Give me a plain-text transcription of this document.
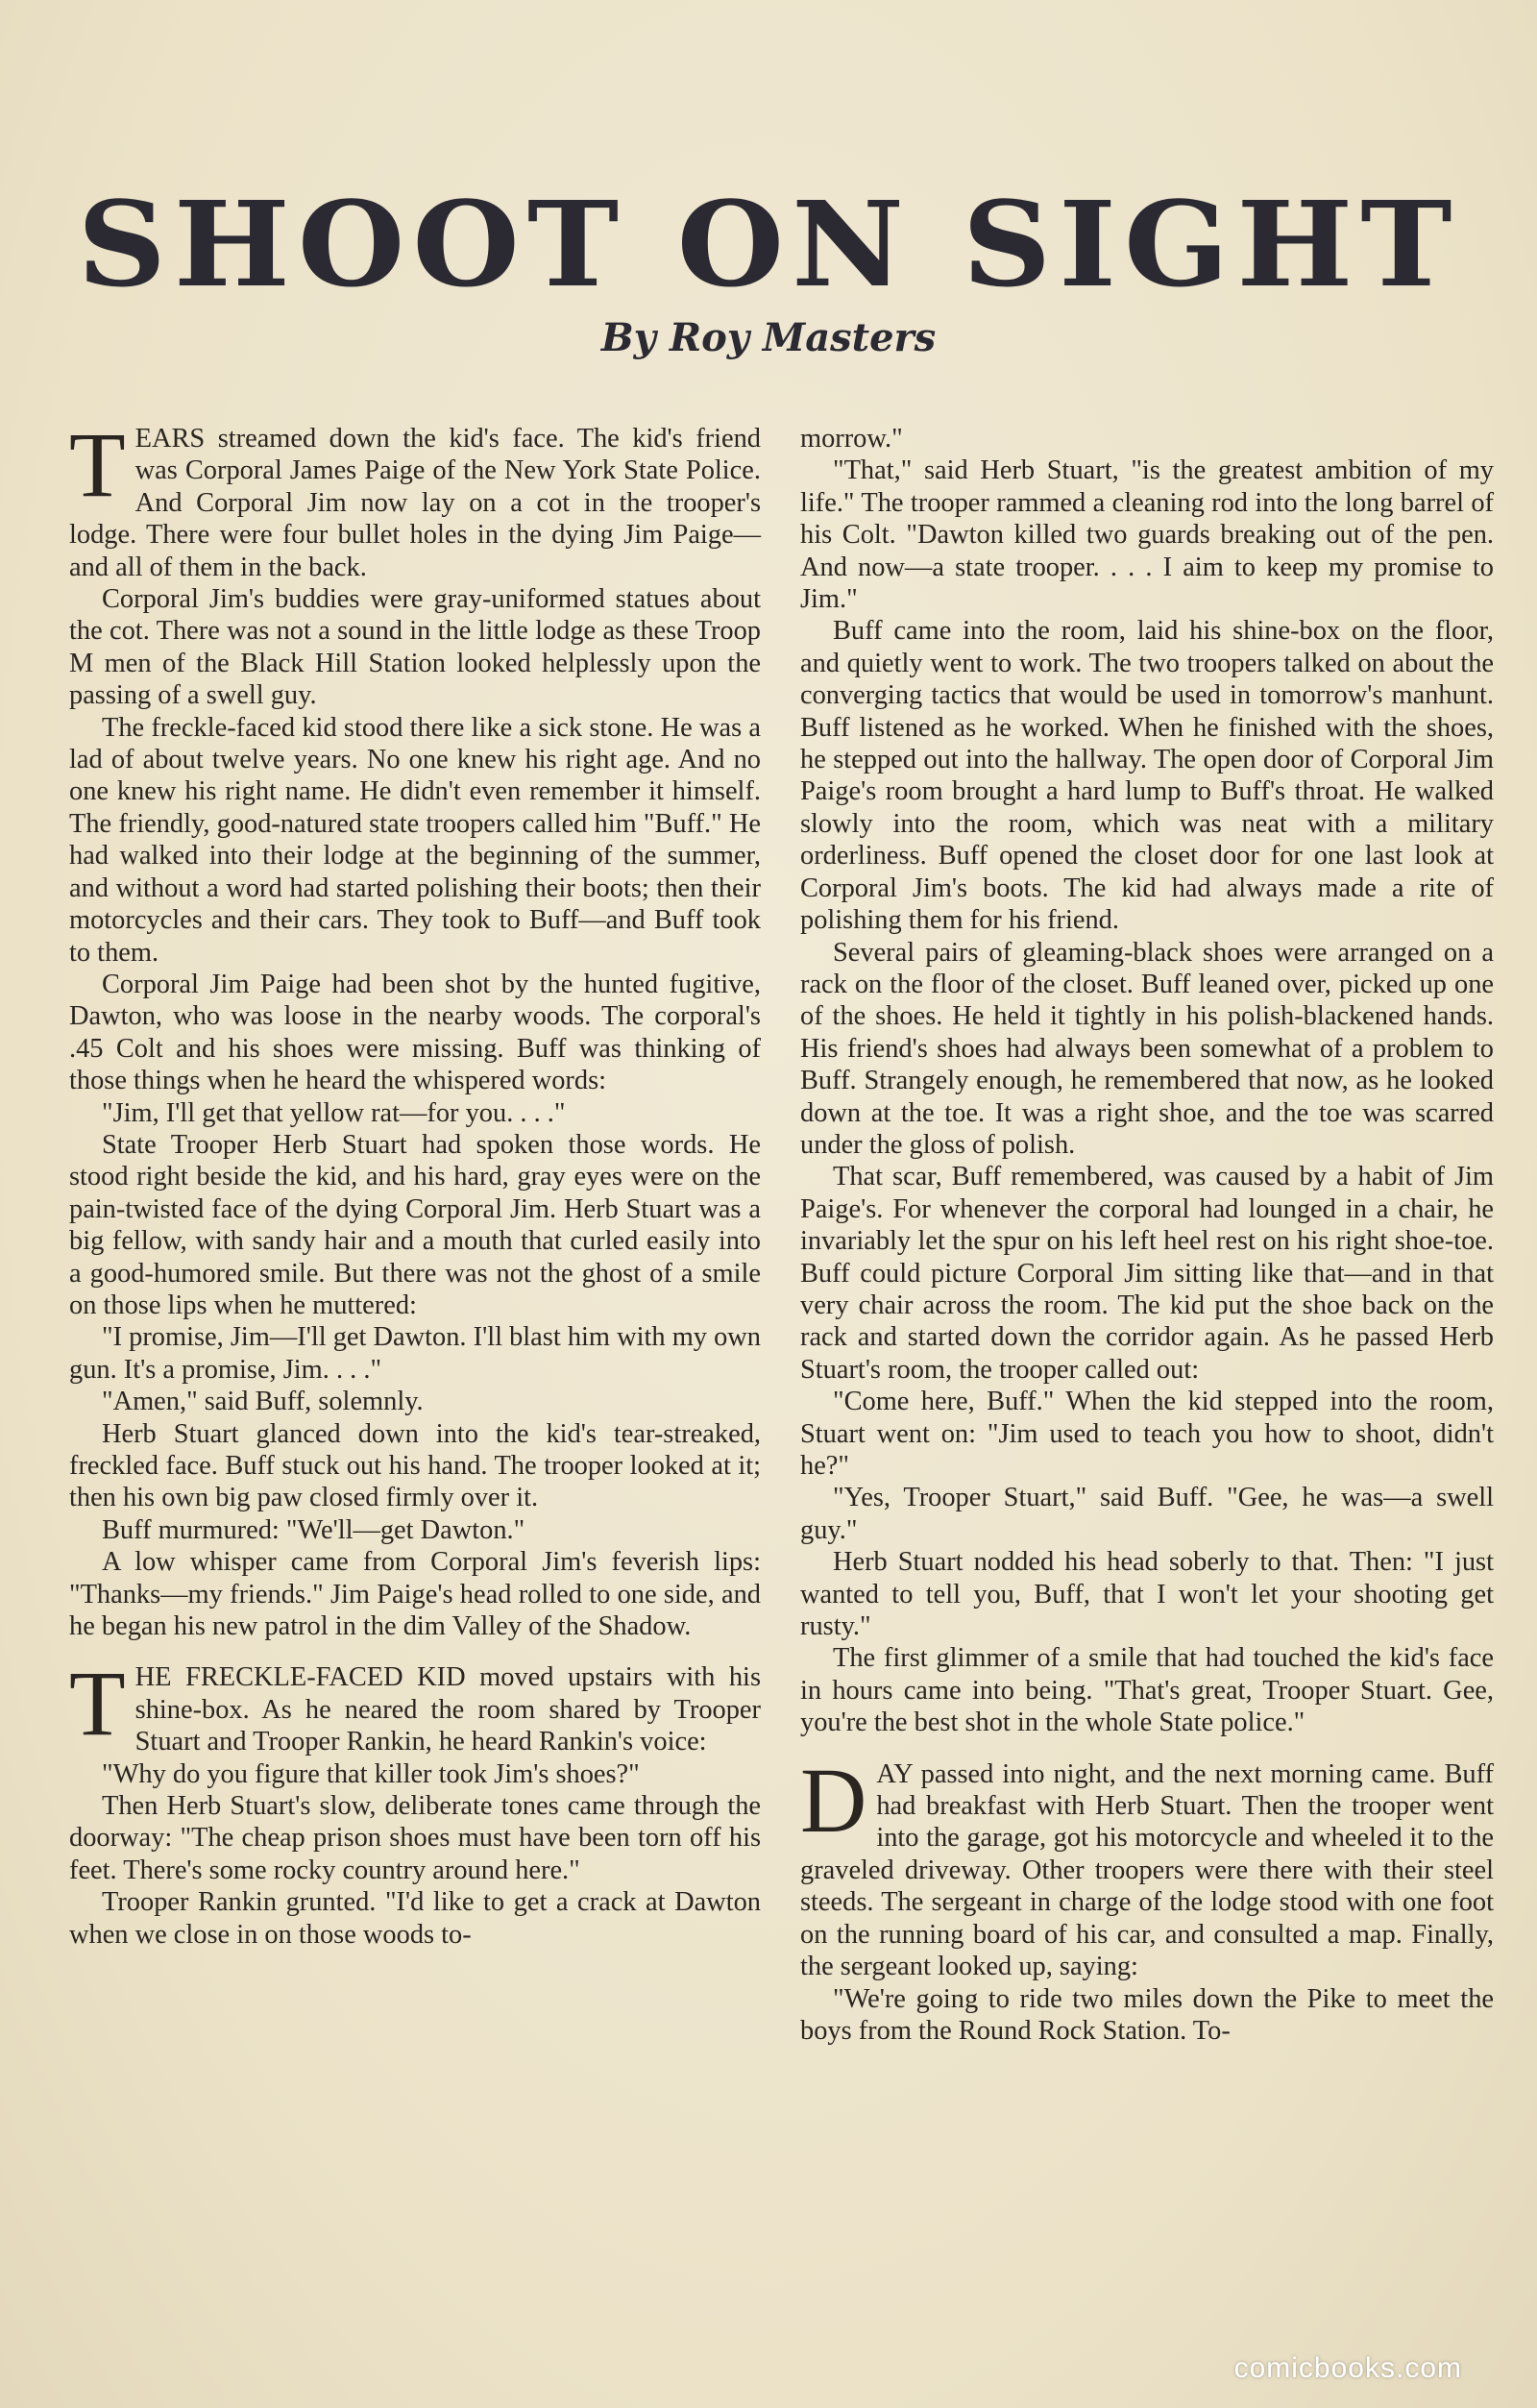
SHOOT ON SIGHT
By Roy Masters

TEARS streamed down the kid's face. The kid's friend was Corporal James Paige of the New York State Police. And Corporal Jim now lay on a cot in the trooper's lodge. There were four bullet holes in the dying Jim Paige—and all of them in the back.

Corporal Jim's buddies were gray-uniformed statues about the cot. There was not a sound in the little lodge as these Troop M men of the Black Hill Station looked helplessly upon the passing of a swell guy.

The freckle-faced kid stood there like a sick stone. He was a lad of about twelve years. No one knew his right age. And no one knew his right name. He didn't even remember it himself. The friendly, good-natured state troopers called him "Buff." He had walked into their lodge at the beginning of the summer, and without a word had started polishing their boots; then their motorcycles and their cars. They took to Buff—and Buff took to them.

Corporal Jim Paige had been shot by the hunted fugitive, Dawton, who was loose in the nearby woods. The corporal's .45 Colt and his shoes were missing. Buff was thinking of those things when he heard the whispered words:

"Jim, I'll get that yellow rat—for you. . . ."

State Trooper Herb Stuart had spoken those words. He stood right beside the kid, and his hard, gray eyes were on the pain-twisted face of the dying Corporal Jim. Herb Stuart was a big fellow, with sandy hair and a mouth that curled easily into a good-humored smile. But there was not the ghost of a smile on those lips when he muttered:

"I promise, Jim—I'll get Dawton. I'll blast him with my own gun. It's a promise, Jim. . . ."

"Amen," said Buff, solemnly.

Herb Stuart glanced down into the kid's tear-streaked, freckled face. Buff stuck out his hand. The trooper looked at it; then his own big paw closed firmly over it.

Buff murmured: "We'll—get Dawton."

A low whisper came from Corporal Jim's feverish lips: "Thanks—my friends." Jim Paige's head rolled to one side, and he began his new patrol in the dim Valley of the Shadow.

THE FRECKLE-FACED KID moved upstairs with his shine-box. As he neared the room shared by Trooper Stuart and Trooper Rankin, he heard Rankin's voice:

"Why do you figure that killer took Jim's shoes?"

Then Herb Stuart's slow, deliberate tones came through the doorway: "The cheap prison shoes must have been torn off his feet. There's some rocky country around here."

Trooper Rankin grunted. "I'd like to get a crack at Dawton when we close in on those woods to-

morrow."

"That," said Herb Stuart, "is the greatest ambition of my life." The trooper rammed a cleaning rod into the long barrel of his Colt. "Dawton killed two guards breaking out of the pen. And now—a state trooper. . . . I aim to keep my promise to Jim."

Buff came into the room, laid his shine-box on the floor, and quietly went to work. The two troopers talked on about the converging tactics that would be used in tomorrow's manhunt. Buff listened as he worked. When he finished with the shoes, he stepped out into the hallway. The open door of Corporal Jim Paige's room brought a hard lump to Buff's throat. He walked slowly into the room, which was neat with a military orderliness. Buff opened the closet door for one last look at Corporal Jim's boots. The kid had always made a rite of polishing them for his friend.

Several pairs of gleaming-black shoes were arranged on a rack on the floor of the closet. Buff leaned over, picked up one of the shoes. He held it tightly in his polish-blackened hands. His friend's shoes had always been somewhat of a problem to Buff. Strangely enough, he remembered that now, as he looked down at the toe. It was a right shoe, and the toe was scarred under the gloss of polish.

That scar, Buff remembered, was caused by a habit of Jim Paige's. For whenever the corporal had lounged in a chair, he invariably let the spur on his left heel rest on his right shoe-toe. Buff could picture Corporal Jim sitting like that—and in that very chair across the room. The kid put the shoe back on the rack and started down the corridor again. As he passed Herb Stuart's room, the trooper called out:

"Come here, Buff." When the kid stepped into the room, Stuart went on: "Jim used to teach you how to shoot, didn't he?"

"Yes, Trooper Stuart," said Buff. "Gee, he was—a swell guy."

Herb Stuart nodded his head soberly to that. Then: "I just wanted to tell you, Buff, that I won't let your shooting get rusty."

The first glimmer of a smile that had touched the kid's face in hours came into being. "That's great, Trooper Stuart. Gee, you're the best shot in the whole State police."

DAY passed into night, and the next morning came. Buff had breakfast with Herb Stuart. Then the trooper went into the garage, got his motorcycle and wheeled it to the graveled driveway. Other troopers were there with their steel steeds. The sergeant in charge of the lodge stood with one foot on the running board of his car, and consulted a map. Finally, the sergeant looked up, saying:

"We're going to ride two miles down the Pike to meet the boys from the Round Rock Station. To-

comicbooks.com
